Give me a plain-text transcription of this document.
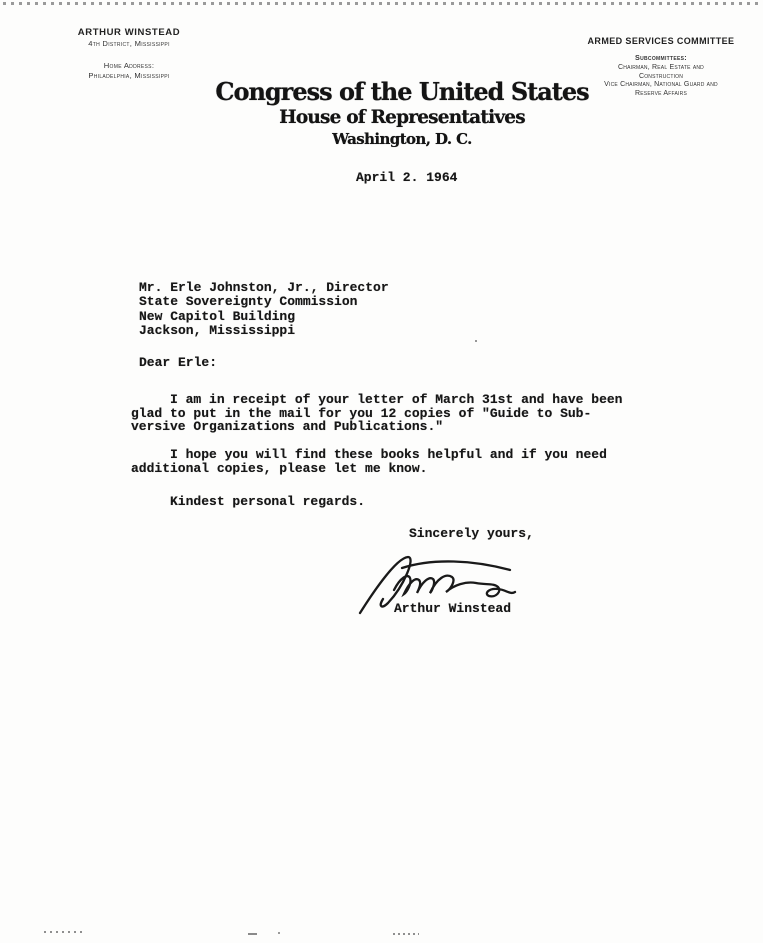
ARTHUR WINSTEAD
4th District, Mississippi
Home Address:
Philadelphia, Mississippi
ARMED SERVICES COMMITTEE
Subcommittees:
Chairman, Real Estate and
Construction
Vice Chairman, National Guard and
Reserve Affairs
Congress of the United States
House of Representatives
Washington, D. C.
April 2. 1964
Mr. Erle Johnston, Jr., Director
State Sovereignty Commission
New Capitol Building
Jackson, Mississippi
Dear Erle:
I am in receipt of your letter of March 31st and have been
glad to put in the mail for you 12 copies of "Guide to Sub-
versive Organizations and Publications."

I hope you will find these books helpful and if you need
additional copies, please let me know.
Kindest personal regards.
Sincerely yours,
Arthur Winstead
